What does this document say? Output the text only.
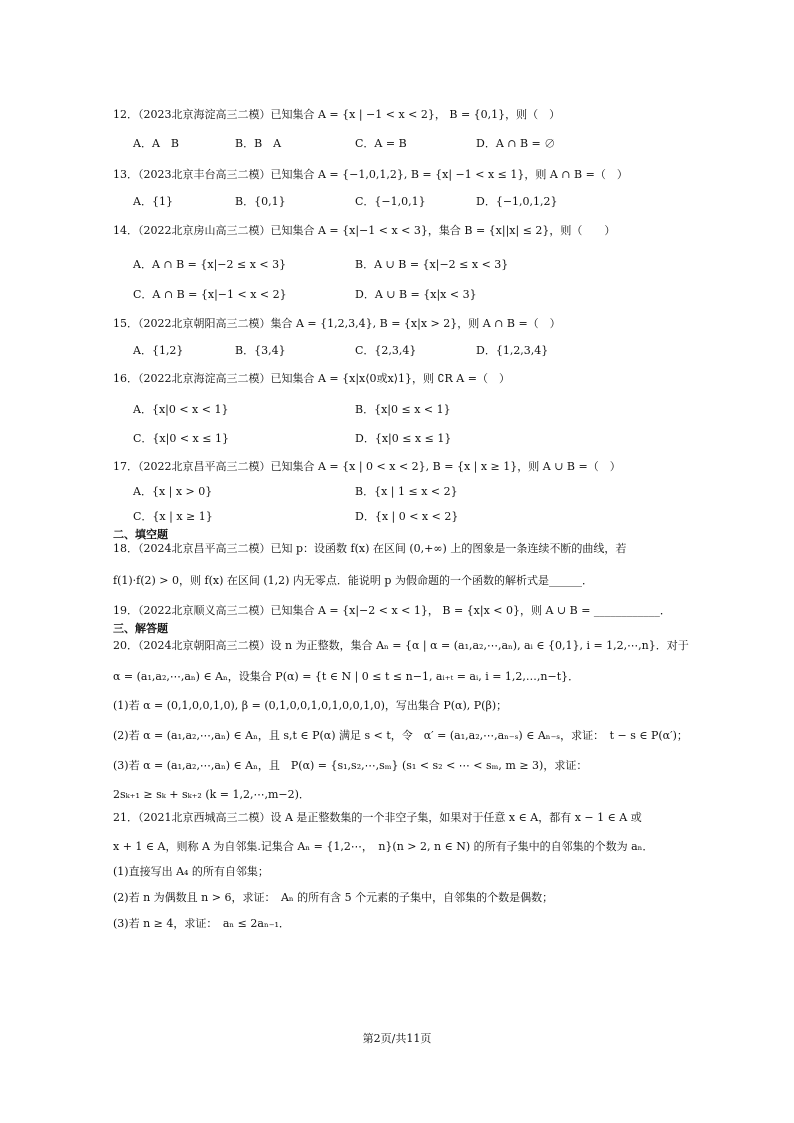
12．（2023北京海淀高三二模）已知集合 A = {x | −1 < x < 2}， B = {0,1}，则（　）
A．A　B	B．B　A	C．A = B	D．A ∩ B = ∅
13．（2023北京丰台高三二模）已知集合 A = {−1,0,1,2}, B = {x| −1 < x ≤ 1}，则 A ∩ B =（　）
A．{1}	B．{0,1}	C．{−1,0,1}	D．{−1,0,1,2}
14．（2022北京房山高三二模）已知集合 A = {x|−1 < x < 3}，集合 B = {x||x| ≤ 2}，则（　　）
A．A ∩ B = {x|−2 ≤ x < 3}	B．A ∪ B = {x|−2 ≤ x < 3}
C．A ∩ B = {x|−1 < x < 2}	D．A ∪ B = {x|x < 3}
15．（2022北京朝阳高三二模）集合 A = {1,2,3,4}, B = {x|x > 2}，则 A ∩ B =（　）
A．{1,2}	B．{3,4}	C．{2,3,4}	D．{1,2,3,4}
16．（2022北京海淀高三二模）已知集合 A = {x|x⟨0或x⟩1}，则 ∁R A =（　）
A．{x|0 < x < 1}	B．{x|0 ≤ x < 1}
C．{x|0 < x ≤ 1}	D．{x|0 ≤ x ≤ 1}
17．（2022北京昌平高三二模）已知集合 A = {x | 0 < x < 2}, B = {x | x ≥ 1}，则 A ∪ B =（　）
A．{x | x > 0}	B．{x | 1 ≤ x < 2}
C．{x | x ≥ 1}	D．{x | 0 < x < 2}
二、填空题
18．（2024北京昌平高三二模）已知 p：设函数 f(x) 在区间 (0,+∞) 上的图象是一条连续不断的曲线，若
f(1)·f(2) > 0，则 f(x) 在区间 (1,2) 内无零点．能说明 p 为假命题的一个函数的解析式是______．
19．（2022北京顺义高三二模）已知集合 A = {x|−2 < x < 1}， B = {x|x < 0}，则 A ∪ B = ____________．
三、解答题
20．（2024北京朝阳高三二模）设 n 为正整数，集合 Aₙ = {α | α = (a₁,a₂,⋯,aₙ), aᵢ ∈ {0,1}, i = 1,2,⋯,n}．对于
α = (a₁,a₂,⋯,aₙ) ∈ Aₙ，设集合 P(α) = {t ∈ N | 0 ≤ t ≤ n−1, aᵢ₊ₜ = aᵢ, i = 1,2,…,n−t}．
(1)若 α = (0,1,0,0,1,0), β = (0,1,0,0,1,0,1,0,0,1,0)，写出集合 P(α), P(β)；
(2)若 α = (a₁,a₂,⋯,aₙ) ∈ Aₙ，且 s,t ∈ P(α) 满足 s < t，令　α′ = (a₁,a₂,⋯,aₙ₋ₛ) ∈ Aₙ₋ₛ，求证：　t − s ∈ P(α′)；
(3)若 α = (a₁,a₂,⋯,aₙ) ∈ Aₙ，且　P(α) = {s₁,s₂,⋯,sₘ} (s₁ < s₂ < ⋯ < sₘ, m ≥ 3)，求证：
2sₖ₊₁ ≥ sₖ + sₖ₊₂ (k = 1,2,⋯,m−2)．
21．（2021北京西城高三二模）设 A 是正整数集的一个非空子集，如果对于任意 x ∈ A，都有 x − 1 ∈ A 或
x + 1 ∈ A，则称 A 为自邻集.记集合 Aₙ = {1,2⋯，　n}(n > 2, n ∈ N) 的所有子集中的自邻集的个数为 aₙ．
(1)直接写出 A₄ 的所有自邻集；
(2)若 n 为偶数且 n > 6，求证：　Aₙ 的所有含 5 个元素的子集中，自邻集的个数是偶数；
(3)若 n ≥ 4，求证：　aₙ ≤ 2aₙ₋₁．
第2页/共11页
